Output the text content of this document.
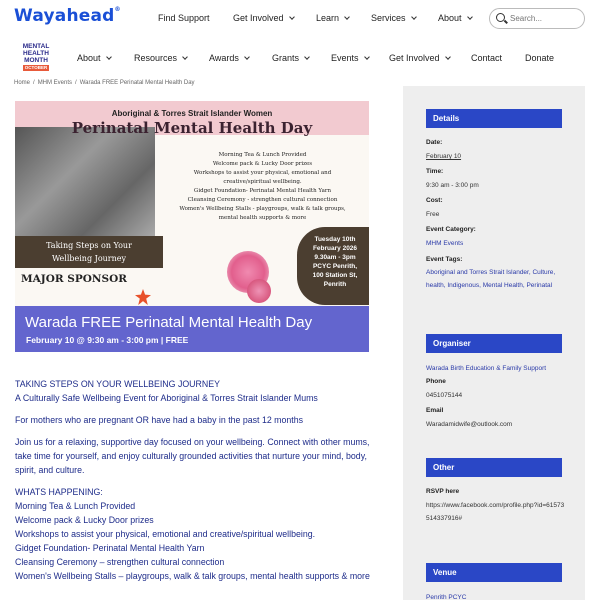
Wayahead®
Find Support	Get Involved	Learn	Services	About
Search...
MENTAL
HEALTH
MONTH
OCTOBER
About	Resources	Awards	Grants	Events	Get Involved	Contact	Donate
Home / MHM Events / Warada FREE Perinatal Mental Health Day
Aboriginal & Torres Strait Islander Women
Perinatal Mental Health Day
Morning Tea & Lunch Provided
Welcome pack & Lucky Door prizes
Workshops to assist your physical, emotional and
creative/spiritual wellbeing.
Gidget Foundation- Perinatal Mental Health Yarn
Cleansing Ceremony - strengthen cultural connection
Women's Wellbeing Stalls - playgroups, walk & talk groups,
mental health supports & more
Taking Steps on Your
Wellbeing Journey
MAJOR SPONSOR
Tuesday 10th
February 2026
9.30am - 3pm
PCYC Penrith,
100 Station St,
Penrith
Warada FREE Perinatal Mental Health Day
February 10 @ 9:30 am - 3:00 pm | FREE

TAKING STEPS ON YOUR WELLBEING JOURNEY
A Culturally Safe Wellbeing Event for Aboriginal & Torres Strait Islander Mums

For mothers who are pregnant OR have had a baby in the past 12 months

Join us for a relaxing, supportive day focused on your wellbeing. Connect with other mums, take time for yourself, and enjoy culturally grounded activities that nurture your mind, body, spirit, and culture.

WHATS HAPPENING:
Morning Tea & Lunch Provided
Welcome pack & Lucky Door prizes
Workshops to assist your physical, emotional and creative/spiritual wellbeing.
Gidget Foundation- Perinatal Mental Health Yarn
Cleansing Ceremony – strengthen cultural connection
Women's Wellbeing Stalls – playgroups, walk & talk groups, mental health supports & more

Details
Date:
February 10
Time:
9:30 am - 3:00 pm
Cost:
Free
Event Category:
MHM Events
Event Tags:
Aboriginal and Torres Strait Islander, Culture, health, Indigenous, Mental Health, Perinatal
Organiser
Warada Birth Education & Family Support
Phone
0451075144
Email
Waradamidwife@outlook.com
Other
RSVP here
https://www.facebook.com/profile.php?id=61573514337916#
Venue
Penrith PCYC
